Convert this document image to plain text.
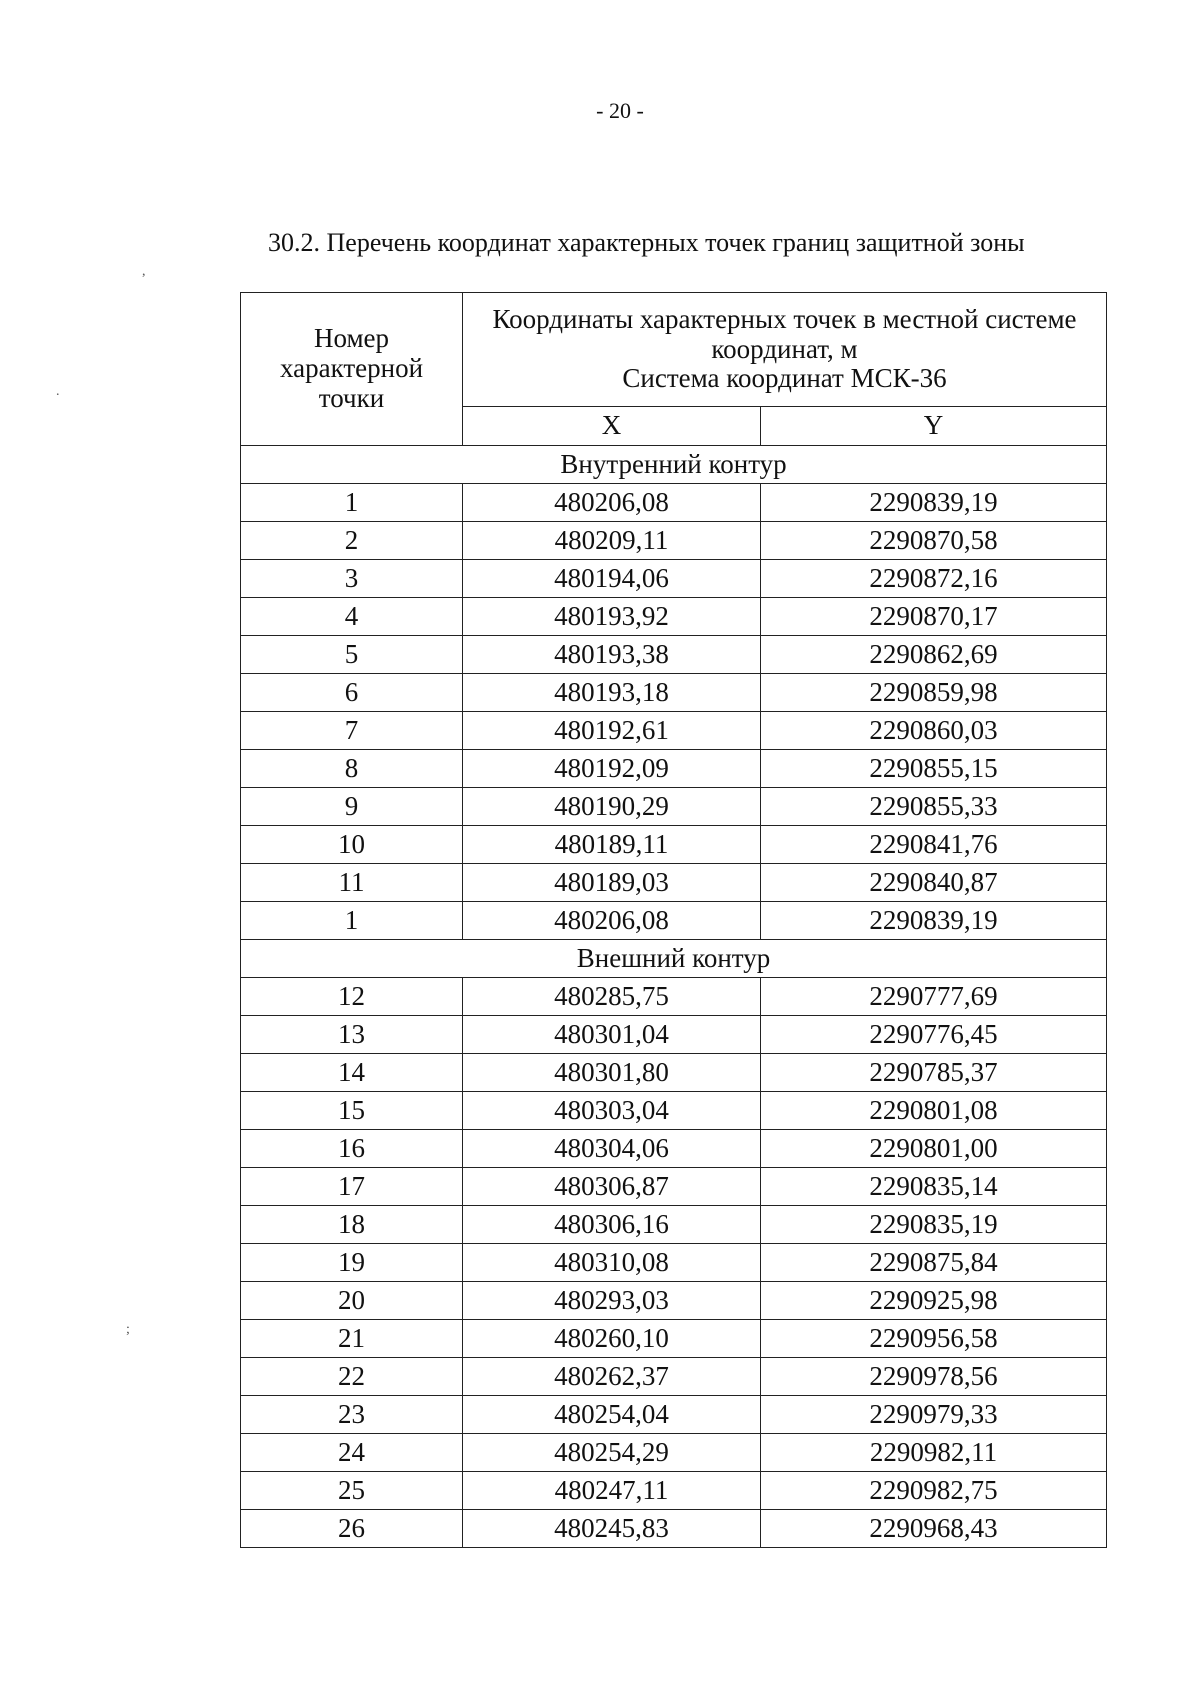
- 20 -
30.2. Перечень координат характерных точек границ защитной зоны
Номер
характерной
точки	Координаты характерных точек в местной системе
координат, м
Система координат МСК-36	
	X	Y
Внутренний контур		
1	480206,08	2290839,19
2	480209,11	2290870,58
3	480194,06	2290872,16
4	480193,92	2290870,17
5	480193,38	2290862,69
6	480193,18	2290859,98
7	480192,61	2290860,03
8	480192,09	2290855,15
9	480190,29	2290855,33
10	480189,11	2290841,76
11	480189,03	2290840,87
1	480206,08	2290839,19
Внешний контур		
12	480285,75	2290777,69
13	480301,04	2290776,45
14	480301,80	2290785,37
15	480303,04	2290801,08
16	480304,06	2290801,00
17	480306,87	2290835,14
18	480306,16	2290835,19
19	480310,08	2290875,84
20	480293,03	2290925,98
21	480260,10	2290956,58
22	480262,37	2290978,56
23	480254,04	2290979,33
24	480254,29	2290982,11
25	480247,11	2290982,75
26	480245,83	2290968,43
,
.
;
